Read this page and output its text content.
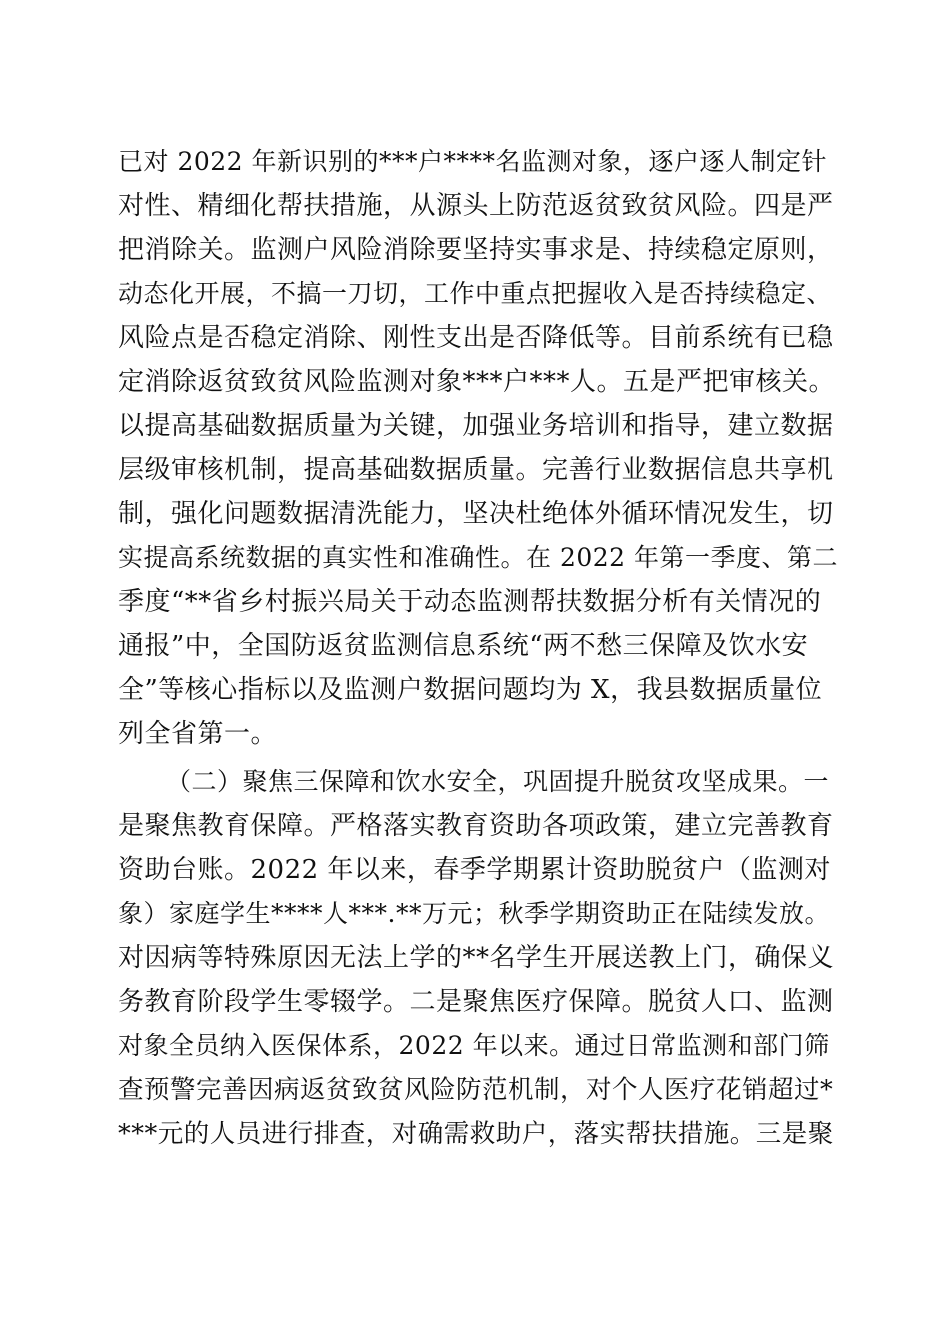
已对 2022 年新识别的***户****名监测对象，逐户逐人制定针
对性、精细化帮扶措施，从源头上防范返贫致贫风险。四是严
把消除关。监测户风险消除要坚持实事求是、持续稳定原则，
动态化开展，不搞一刀切，工作中重点把握收入是否持续稳定、
风险点是否稳定消除、刚性支出是否降低等。目前系统有已稳
定消除返贫致贫风险监测对象***户***人。五是严把审核关。
以提高基础数据质量为关键，加强业务培训和指导，建立数据
层级审核机制，提高基础数据质量。完善行业数据信息共享机
制，强化问题数据清洗能力，坚决杜绝体外循环情况发生，切
实提高系统数据的真实性和准确性。在 2022 年第一季度、第二
季度“**省乡村振兴局关于动态监测帮扶数据分析有关情况的
通报”中，全国防返贫监测信息系统“两不愁三保障及饮水安
全”等核心指标以及监测户数据问题均为 X，我县数据质量位
列全省第一。
（二）聚焦三保障和饮水安全，巩固提升脱贫攻坚成果。一
是聚焦教育保障。严格落实教育资助各项政策，建立完善教育
资助台账。2022 年以来，春季学期累计资助脱贫户（监测对
象）家庭学生****人***.**万元；秋季学期资助正在陆续发放。
对因病等特殊原因无法上学的**名学生开展送教上门，确保义
务教育阶段学生零辍学。二是聚焦医疗保障。脱贫人口、监测
对象全员纳入医保体系，2022 年以来。通过日常监测和部门筛
查预警完善因病返贫致贫风险防范机制，对个人医疗花销超过*
***元的人员进行排查，对确需救助户，落实帮扶措施。三是聚
